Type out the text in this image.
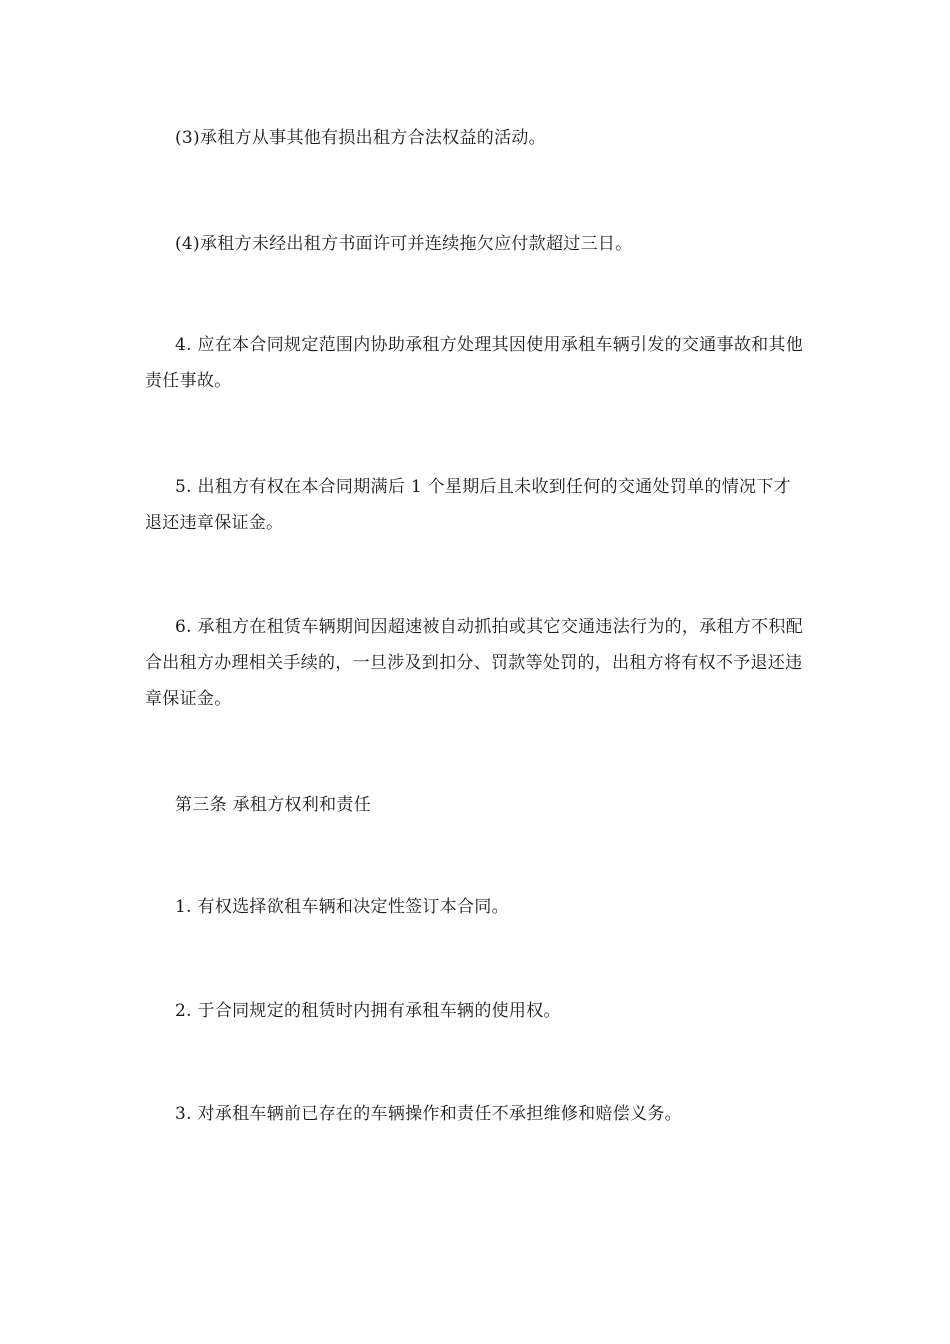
(3)承租方从事其他有损出租方合法权益的活动。

(4)承租方未经出租方书面许可并连续拖欠应付款超过三日。

4. 应在本合同规定范围内协助承租方处理其因使用承租车辆引发的交通事故和其他责任事故。

5. 出租方有权在本合同期满后 1 个星期后且未收到任何的交通处罚单的情况下才退还违章保证金。

6. 承租方在租赁车辆期间因超速被自动抓拍或其它交通违法行为的，承租方不积配合出租方办理相关手续的，一旦涉及到扣分、罚款等处罚的，出租方将有权不予退还违章保证金。

第三条 承租方权利和责任

1. 有权选择欲租车辆和决定性签订本合同。

2. 于合同规定的租赁时内拥有承租车辆的使用权。

3. 对承租车辆前已存在的车辆操作和责任不承担维修和赔偿义务。
